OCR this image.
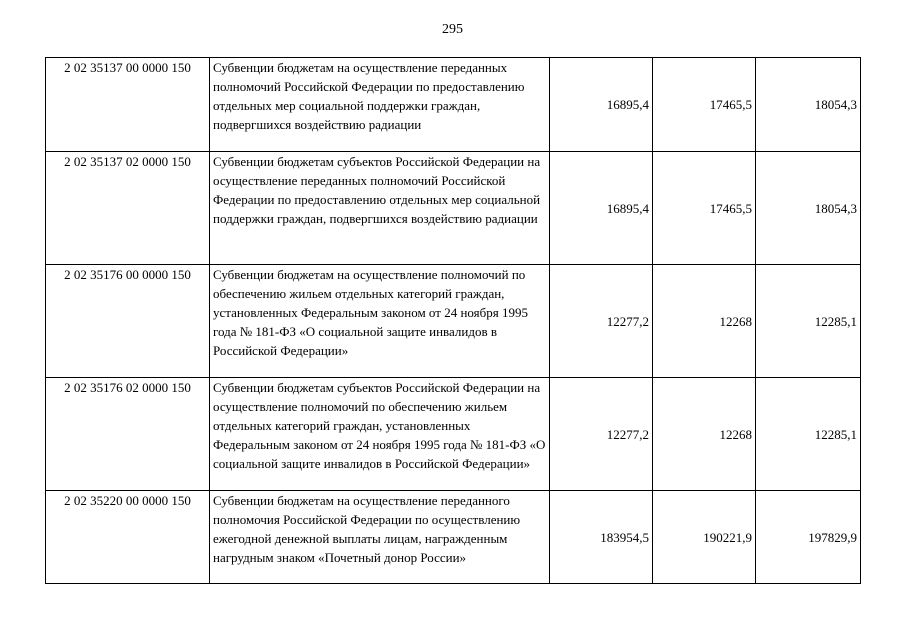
295
2 02 35137 00 0000 150	Субвенции бюджетам на осуществление переданных полномочий Российской Федерации по предоставлению отдельных мер социальной поддержки граждан, подвергшихся воздействию радиации	16895,4	17465,5	18054,3
2 02 35137 02 0000 150	Субвенции бюджетам субъектов Российской Федерации на осуществление переданных полномочий Российской Федерации по предоставлению отдельных мер социальной поддержки граждан, подвергшихся воздействию радиации	16895,4	17465,5	18054,3
2 02 35176 00 0000 150	Субвенции бюджетам на осуществление полномочий по обеспечению жильем отдельных категорий граждан, установленных Федеральным законом от 24 ноября 1995 года № 181-ФЗ «О социальной защите инвалидов в Российской Федерации»	12277,2	12268	12285,1
2 02 35176 02 0000 150	Субвенции бюджетам субъектов Российской Федерации на осуществление полномочий по обеспечению жильем отдельных категорий граждан, установленных Федеральным законом от 24 ноября 1995 года № 181-ФЗ «О социальной защите инвалидов в Российской Федерации»	12277,2	12268	12285,1
2 02 35220 00 0000 150	Субвенции бюджетам на осуществление переданного полномочия Российской Федерации по осуществлению ежегодной денежной выплаты лицам, награжденным нагрудным знаком «Почетный донор России»	183954,5	190221,9	197829,9
